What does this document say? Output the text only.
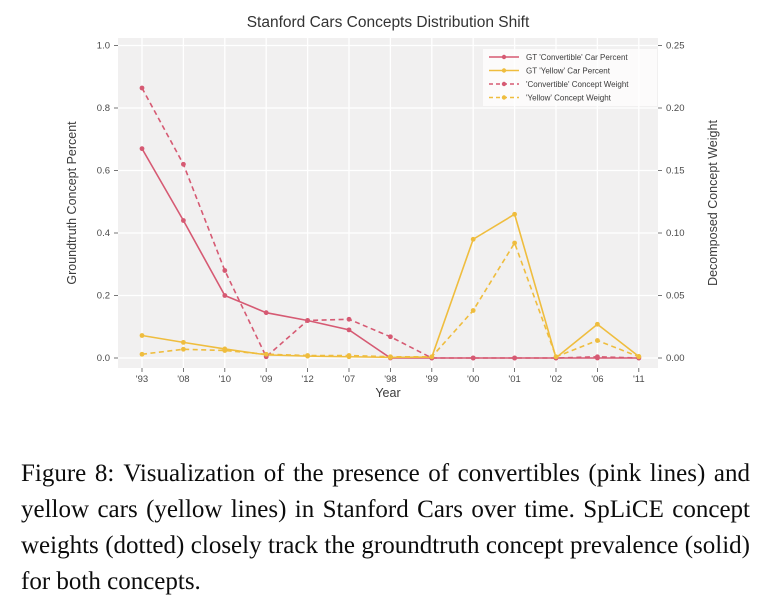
0.0
0.2
0.4
0.6
0.8
1.0
0.00
0.05
0.10
0.15
0.20
0.25
'93	'08	'10	'09	'12	'07	'98	'99	'00	'01	'02	'06	'11
GT 'Convertible' Car Percent
GT 'Yellow' Car Percent
'Convertible' Concept Weight
'Yellow' Concept Weight
Stanford Cars Concepts Distribution Shift
Year
Groundtruth Concept Percent	Decomposed Concept Weight

Figure 8: Visualization of the presence of convertibles (pink lines) and yellow cars (yellow lines) in Stanford Cars over time. SpLiCE concept weights (dotted) closely track the groundtruth concept prevalence (solid) for both concepts.
